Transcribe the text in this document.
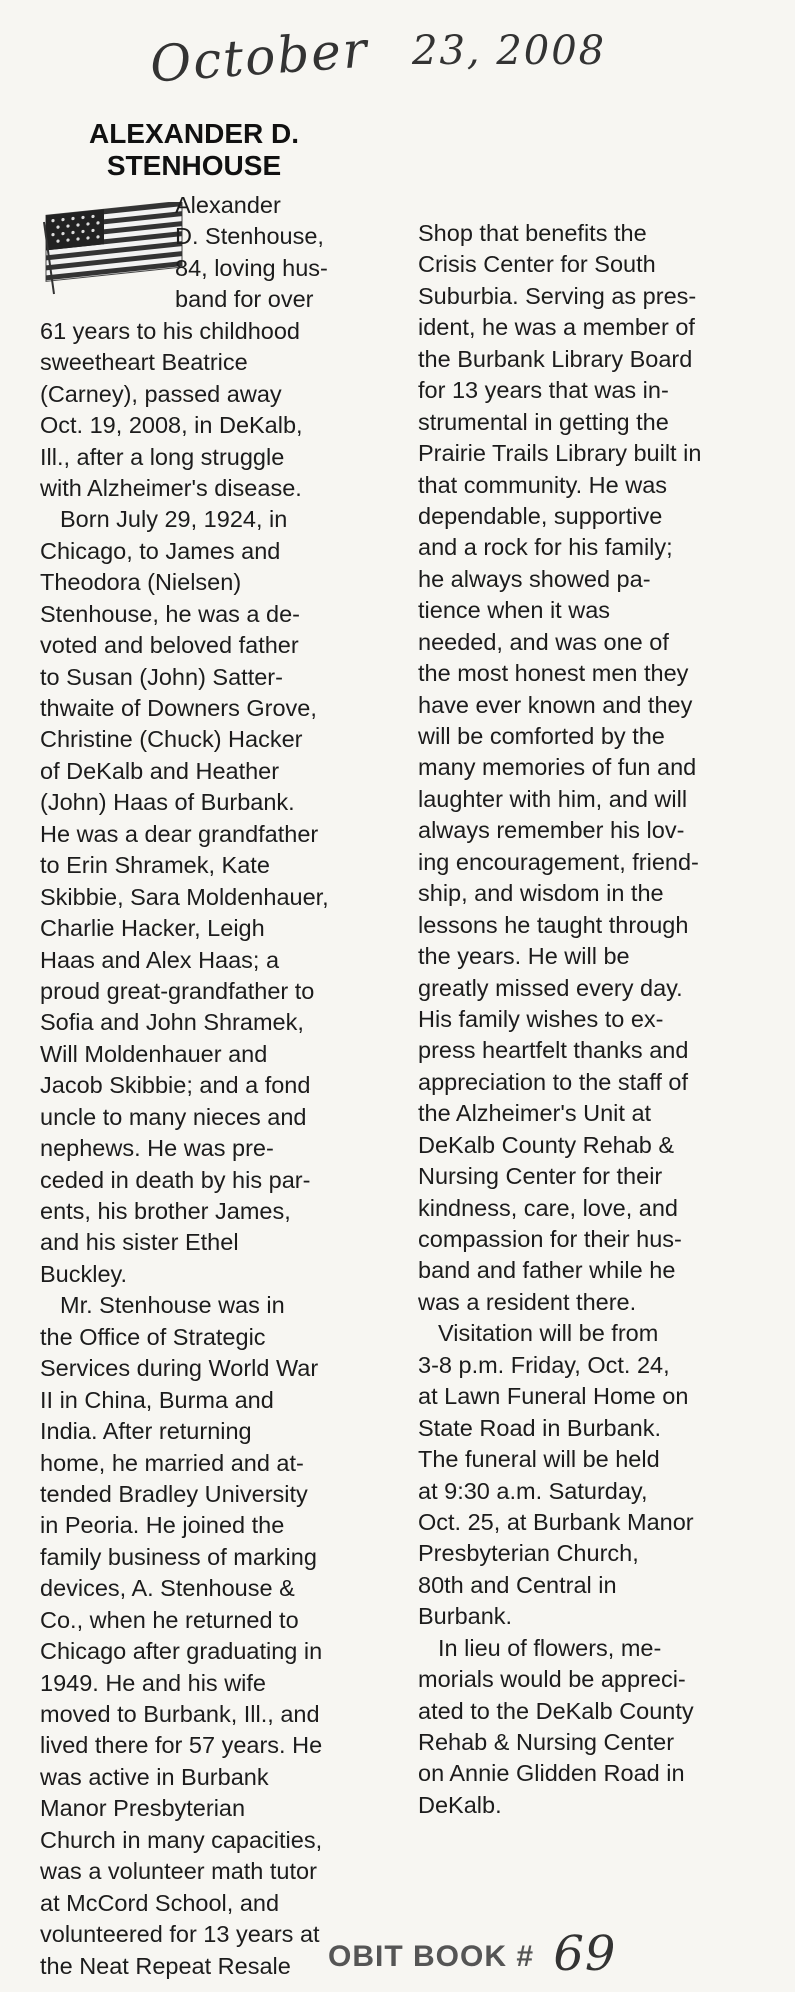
October 23, 2008
ALEXANDER D.
STENHOUSE
Alexander
D. Stenhouse,
84, loving hus-
band for over
61 years to his childhood
sweetheart Beatrice
(Carney), passed away
Oct. 19, 2008, in DeKalb,
Ill., after a long struggle
with Alzheimer's disease.
Born July 29, 1924, in
Chicago, to James and
Theodora (Nielsen)
Stenhouse, he was a de-
voted and beloved father
to Susan (John) Satter-
thwaite of Downers Grove,
Christine (Chuck) Hacker
of DeKalb and Heather
(John) Haas of Burbank.
He was a dear grandfather
to Erin Shramek, Kate
Skibbie, Sara Moldenhauer,
Charlie Hacker, Leigh
Haas and Alex Haas; a
proud great-grandfather to
Sofia and John Shramek,
Will Moldenhauer and
Jacob Skibbie; and a fond
uncle to many nieces and
nephews. He was pre-
ceded in death by his par-
ents, his brother James,
and his sister Ethel
Buckley.
Mr. Stenhouse was in
the Office of Strategic
Services during World War
II in China, Burma and
India. After returning
home, he married and at-
tended Bradley University
in Peoria. He joined the
family business of marking
devices, A. Stenhouse &
Co., when he returned to
Chicago after graduating in
1949. He and his wife
moved to Burbank, Ill., and
lived there for 57 years. He
was active in Burbank
Manor Presbyterian
Church in many capacities,
was a volunteer math tutor
at McCord School, and
volunteered for 13 years at
the Neat Repeat Resale
Shop that benefits the
Crisis Center for South
Suburbia. Serving as pres-
ident, he was a member of
the Burbank Library Board
for 13 years that was in-
strumental in getting the
Prairie Trails Library built in
that community. He was
dependable, supportive
and a rock for his family;
he always showed pa-
tience when it was
needed, and was one of
the most honest men they
have ever known and they
will be comforted by the
many memories of fun and
laughter with him, and will
always remember his lov-
ing encouragement, friend-
ship, and wisdom in the
lessons he taught through
the years. He will be
greatly missed every day.
His family wishes to ex-
press heartfelt thanks and
appreciation to the staff of
the Alzheimer's Unit at
DeKalb County Rehab &
Nursing Center for their
kindness, care, love, and
compassion for their hus-
band and father while he
was a resident there.
Visitation will be from
3-8 p.m. Friday, Oct. 24,
at Lawn Funeral Home on
State Road in Burbank.
The funeral will be held
at 9:30 a.m. Saturday,
Oct. 25, at Burbank Manor
Presbyterian Church,
80th and Central in
Burbank.
In lieu of flowers, me-
morials would be appreci-
ated to the DeKalb County
Rehab & Nursing Center
on Annie Glidden Road in
DeKalb.
OBIT BOOK # 69
